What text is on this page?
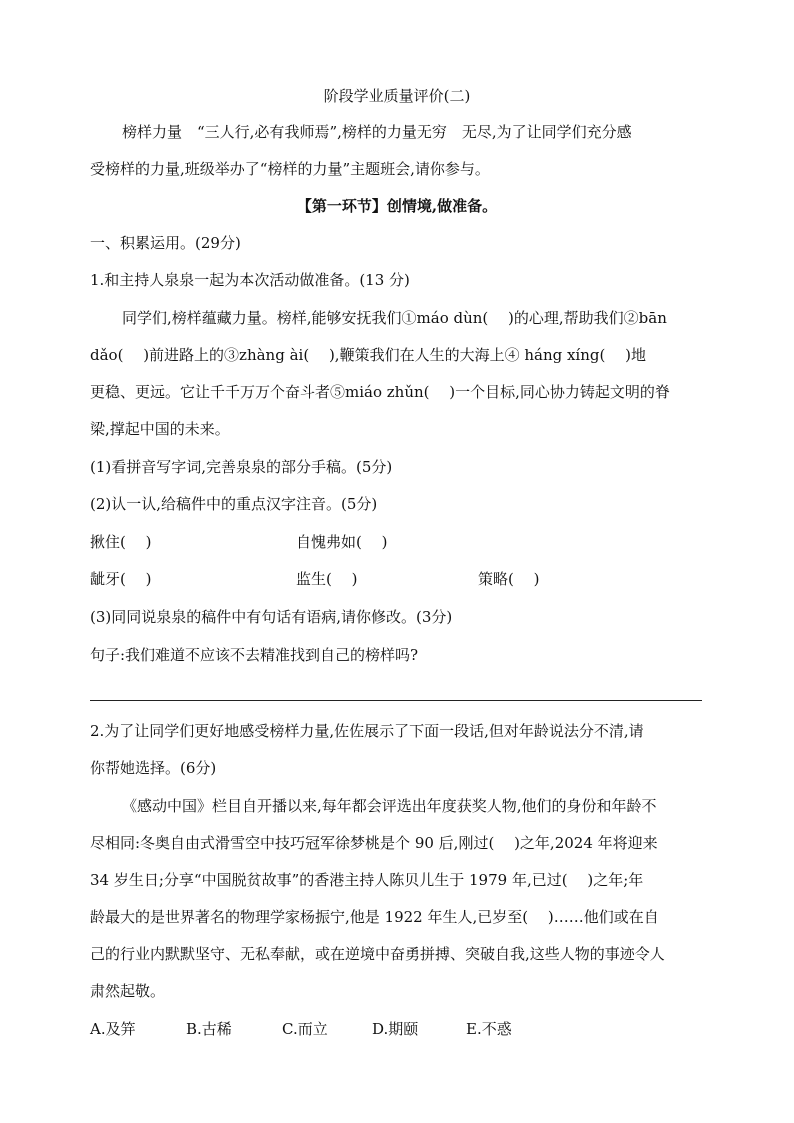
阶段学业质量评价(二)
榜样力量　“三人行,必有我师焉”,榜样的力量无穷　无尽,为了让同学们充分感
受榜样的力量,班级举办了“榜样的力量”主题班会,请你参与。
【第一环节】创情境,做准备。
一、积累运用。(29分)
1.和主持人泉泉一起为本次活动做准备。(13 分)
同学们,榜样蕴藏力量。榜样,能够安抚我们①máo dùn(　 )的心理,帮助我们②bān
dǎo(　 )前进路上的③zhàng ài(　 ),鞭策我们在人生的大海上④ háng xíng(　 )地
更稳、更远。它让千千万万个奋斗者⑤miáo zhǔn(　 )一个目标,同心协力铸起文明的脊
梁,撑起中国的未来。
(1)看拼音写字词,完善泉泉的部分手稿。(5分)
(2)认一认,给稿件中的重点汉字注音。(5分)
揪住(　 )	自愧弗如(　 )
龇牙(　 )	监生(　 )	策略(　 )
(3)同同说泉泉的稿件中有句话有语病,请你修改。(3分)
句子:我们难道不应该不去精准找到自己的榜样吗?
2.为了让同学们更好地感受榜样力量,佐佐展示了下面一段话,但对年龄说法分不清,请
你帮她选择。(6分)
《感动中国》栏目自开播以来,每年都会评选出年度获奖人物,他们的身份和年龄不
尽相同:冬奥自由式滑雪空中技巧冠军徐梦桃是个 90 后,刚过(　 )之年,2024 年将迎来
34 岁生日;分享“中国脱贫故事”的香港主持人陈贝儿生于 1979 年,已过(　 )之年;年
龄最大的是世界著名的物理学家杨振宁,他是 1922 年生人,已岁至(　 )……他们或在自
己的行业内默默坚守、无私奉献，或在逆境中奋勇拼搏、突破自我,这些人物的事迹令人
肃然起敬。
A.及笄	B.古稀	C.而立	D.期颐	E.不惑
